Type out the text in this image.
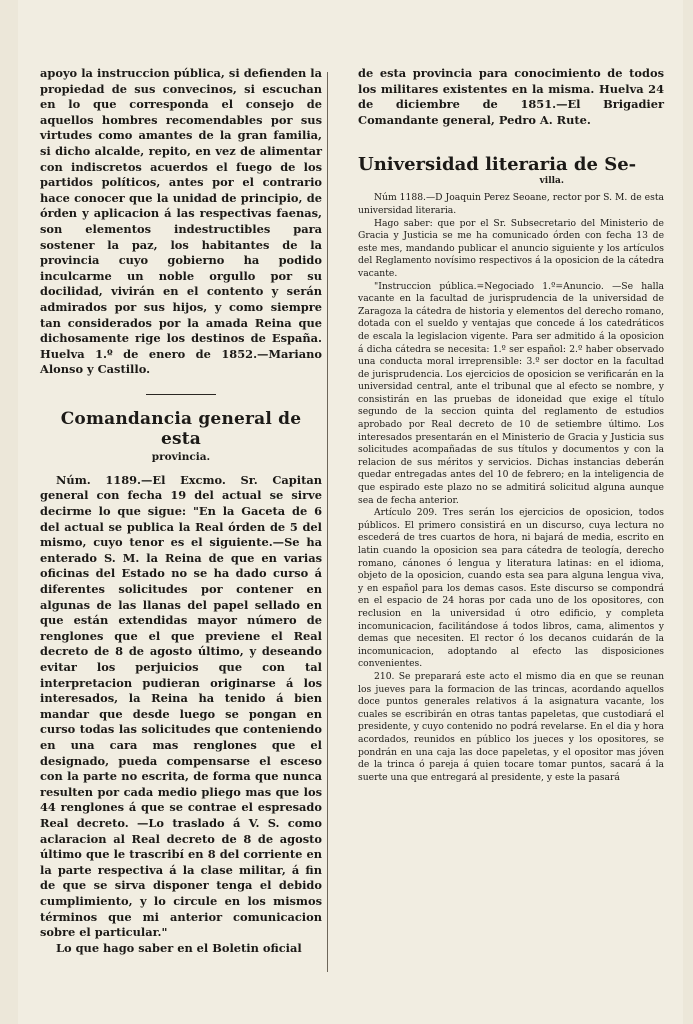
apoyo la instruccion pública, si defienden la propiedad de sus convecinos, si escuchan en lo que corresponda el consejo de aquellos hombres recomendables por sus virtudes como amantes de la gran familia, si dicho alcalde, repito, en vez de alimentar con indiscretos acuerdos el fuego de los partidos políticos, antes por el contrario hace conocer que la unidad de principio, de órden y aplicacion á las respectivas faenas, son elementos indestructibles para sostener la paz, los habitantes de la provincia cuyo gobierno ha podido inculcarme un noble orgullo por su docilidad, vivirán en el contento y serán admirados por sus hijos, y como siempre tan considerados por la amada Reina que dichosamente rige los destinos de España. Huelva 1.º de enero de 1852.—Mariano Alonso y Castillo.

Comandancia general de esta
provincia.

Núm. 1189.—El Excmo. Sr. Capitan general con fecha 19 del actual se sirve decirme lo que sigue: "En la Gaceta de 6 del actual se publica la Real órden de 5 del mismo, cuyo tenor es el siguiente.—Se ha enterado S. M. la Reina de que en varias oficinas del Estado no se ha dado curso á diferentes solicitudes por contener en algunas de las llanas del papel sellado en que están extendidas mayor número de renglones que el que previene el Real decreto de 8 de agosto último, y deseando evitar los perjuicios que con tal interpretacion pudieran originarse á los interesados, la Reina ha tenido á bien mandar que desde luego se pongan en curso todas las solicitudes que conteniendo en una cara mas renglones que el designado, pueda compensarse el esceso con la parte no escrita, de forma que nunca resulten por cada medio pliego mas que los 44 renglones á que se contrae el espresado Real decreto. —Lo traslado á V. S. como aclaracion al Real decreto de 8 de agosto último que le trascribí en 8 del corriente en la parte respectiva á la clase militar, á fin de que se sirva disponer tenga el debido cumplimiento, y lo circule en los mismos términos que mi anterior comunicacion sobre el particular."

Lo que hago saber en el Boletin oficial

de esta provincia para conocimiento de todos los militares existentes en la misma. Huelva 24 de diciembre de 1851.—El Brigadier Comandante general, Pedro A. Rute.

Universidad literaria de Se-
villa.

Núm 1188.—D Joaquin Perez Seoane, rector por S. M. de esta universidad literaria.

Hago saber: que por el Sr. Subsecretario del Ministerio de Gracia y Justicia se me ha comunicado órden con fecha 13 de este mes, mandando publicar el anuncio siguiente y los artículos del Reglamento novísimo respectivos á la oposicion de la cátedra vacante.

"Instruccion pública.=Negociado 1.º=Anuncio. —Se halla vacante en la facultad de jurisprudencia de la universidad de Zaragoza la cátedra de historia y elementos del derecho romano, dotada con el sueldo y ventajas que concede á los catedráticos de escala la legislacion vigente. Para ser admitido á la oposicion á dicha cátedra se necesita: 1.º ser español: 2.º haber observado una conducta moral irreprensible: 3.º ser doctor en la facultad de jurisprudencia. Los ejercicios de oposicion se verificarán en la universidad central, ante el tribunal que al efecto se nombre, y consistirán en las pruebas de idoneidad que exige el título segundo de la seccion quinta del reglamento de estudios aprobado por Real decreto de 10 de setiembre último. Los interesados presentarán en el Ministerio de Gracia y Justicia sus solicitudes acompañadas de sus títulos y documentos y con la relacion de sus méritos y servicios. Dichas instancias deberán quedar entregadas antes del 10 de febrero; en la inteligencia de que espirado este plazo no se admitirá solicitud alguna aunque sea de fecha anterior.

Artículo 209. Tres serán los ejercicios de oposicion, todos públicos. El primero consistirá en un discurso, cuya lectura no escederá de tres cuartos de hora, ni bajará de media, escrito en latin cuando la oposicion sea para cátedra de teología, derecho romano, cánones ó lengua y literatura latinas: en el idioma, objeto de la oposicion, cuando esta sea para alguna lengua viva, y en español para los demas casos. Este discurso se compondrá en el espacio de 24 horas por cada uno de los opositores, con reclusion en la universidad ú otro edificio, y completa incomunicacion, facilitándose á todos libros, cama, alimentos y demas que necesiten. El rector ó los decanos cuidarán de la incomunicacion, adoptando al efecto las disposiciones convenientes.

210. Se preparará este acto el mismo dia en que se reunan los jueves para la formacion de las trincas, acordando aquellos doce puntos generales relativos á la asignatura vacante, los cuales se escribirán en otras tantas papeletas, que custodiará el presidente, y cuyo contenido no podrá revelarse. En el dia y hora acordados, reunidos en público los jueces y los opositores, se pondrán en una caja las doce papeletas, y el opositor mas jóven de la trinca ó pareja á quien tocare tomar puntos, sacará á la suerte una que entregará al presidente, y este la pasará
